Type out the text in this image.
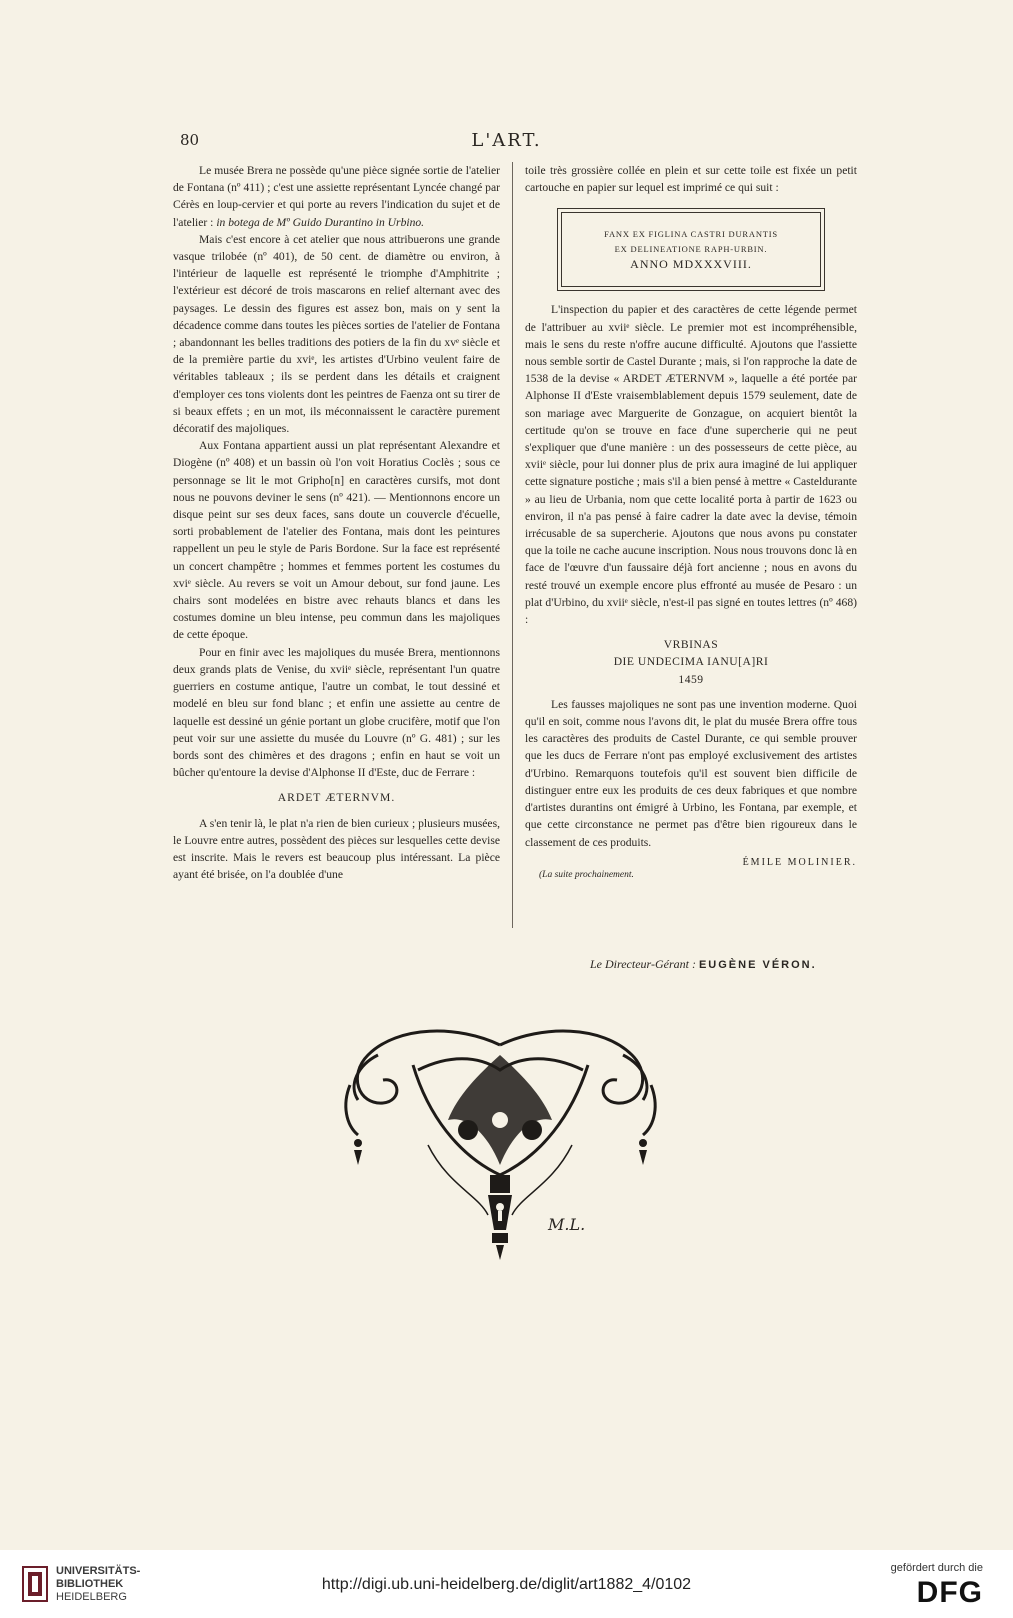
80	L'ART.

Le musée Brera ne possède qu'une pièce signée sortie de l'atelier de Fontana (nº 411) ; c'est une assiette représentant Lyncée changé par Cérès en loup-cervier et qui porte au revers l'indication du sujet et de l'atelier : in botega de Mº Guido Durantino in Urbino.

Mais c'est encore à cet atelier que nous attribuerons une grande vasque trilobée (nº 401), de 50 cent. de diamètre ou environ, à l'intérieur de laquelle est représenté le triomphe d'Amphitrite ; l'extérieur est décoré de trois mascarons en relief alternant avec des paysages. Le dessin des figures est assez bon, mais on y sent la décadence comme dans toutes les pièces sorties de l'atelier de Fontana ; abandonnant les belles traditions des potiers de la fin du xvᵉ siècle et de la première partie du xviᵉ, les artistes d'Urbino veulent faire de véritables tableaux ; ils se perdent dans les détails et craignent d'employer ces tons violents dont les peintres de Faenza ont su tirer de si beaux effets ; en un mot, ils méconnaissent le caractère purement décoratif des majoliques.

Aux Fontana appartient aussi un plat représentant Alexandre et Diogène (nº 408) et un bassin où l'on voit Horatius Coclès ; sous ce personnage se lit le mot Gripho[n] en caractères cursifs, mot dont nous ne pouvons deviner le sens (nº 421). — Mentionnons encore un disque peint sur ses deux faces, sans doute un couvercle d'écuelle, sorti probablement de l'atelier des Fontana, mais dont les peintures rappellent un peu le style de Paris Bordone. Sur la face est représenté un concert champêtre ; hommes et femmes portent les costumes du xviᵉ siècle. Au revers se voit un Amour debout, sur fond jaune. Les chairs sont modelées en bistre avec rehauts blancs et dans les costumes domine un bleu intense, peu commun dans les majoliques de cette époque.

Pour en finir avec les majoliques du musée Brera, mentionnons deux grands plats de Venise, du xviiᵉ siècle, représentant l'un quatre guerriers en costume antique, l'autre un combat, le tout dessiné et modelé en bleu sur fond blanc ; et enfin une assiette au centre de laquelle est dessiné un génie portant un globe crucifère, motif que l'on peut voir sur une assiette du musée du Louvre (nº G. 481) ; sur les bords sont des chimères et des dragons ; enfin en haut se voit un bûcher qu'entoure la devise d'Alphonse II d'Este, duc de Ferrare :

ARDET ÆTERNVM.

A s'en tenir là, le plat n'a rien de bien curieux ; plusieurs musées, le Louvre entre autres, possèdent des pièces sur lesquelles cette devise est inscrite. Mais le revers est beaucoup plus intéressant. La pièce ayant été brisée, on l'a doublée d'une

toile très grossière collée en plein et sur cette toile est fixée un petit cartouche en papier sur lequel est imprimé ce qui suit :

FANX EX FIGLINA CASTRI DURANTIS
EX DELINEATIONE RAPH-URBIN.
ANNO MDXXXVIII.

L'inspection du papier et des caractères de cette légende permet de l'attribuer au xviiᵉ siècle. Le premier mot est incompréhensible, mais le sens du reste n'offre aucune difficulté. Ajoutons que l'assiette nous semble sortir de Castel Durante ; mais, si l'on rapproche la date de 1538 de la devise « ARDET ÆTERNVM », laquelle a été portée par Alphonse II d'Este vraisemblablement depuis 1579 seulement, date de son mariage avec Marguerite de Gonzague, on acquiert bientôt la certitude qu'on se trouve en face d'une supercherie qui ne peut s'expliquer que d'une manière : un des possesseurs de cette pièce, au xviiᵉ siècle, pour lui donner plus de prix aura imaginé de lui appliquer cette signature postiche ; mais s'il a bien pensé à mettre « Casteldurante » au lieu de Urbania, nom que cette localité porta à partir de 1623 ou environ, il n'a pas pensé à faire cadrer la date avec la devise, témoin irrécusable de sa supercherie. Ajoutons que nous avons pu constater que la toile ne cache aucune inscription. Nous nous trouvons donc là en face de l'œuvre d'un faussaire déjà fort ancienne ; nous en avons du resté trouvé un exemple encore plus effronté au musée de Pesaro : un plat d'Urbino, du xviiᵉ siècle, n'est-il pas signé en toutes lettres (nº 468) :

VRBINAS

DIE UNDECIMA IANU[A]RI

1459

Les fausses majoliques ne sont pas une invention moderne. Quoi qu'il en soit, comme nous l'avons dit, le plat du musée Brera offre tous les caractères des produits de Castel Durante, ce qui semble prouver que les ducs de Ferrare n'ont pas employé exclusivement des artistes d'Urbino. Remarquons toutefois qu'il est souvent bien difficile de distinguer entre eux les produits de ces deux fabriques et que nombre d'artistes durantins ont émigré à Urbino, les Fontana, par exemple, et que cette circonstance ne permet pas d'être bien rigoureux dans le classement de ces produits.

ÉMILE MOLINIER.

(La suite prochainement.

Le Directeur-Gérant : EUGÈNE VÉRON.
M.L.
UNIVERSITÄTS-
BIBLIOTHEK
HEIDELBERG
http://digi.ub.uni-heidelberg.de/diglit/art1882_4/0102
gefördert durch die
DFG
